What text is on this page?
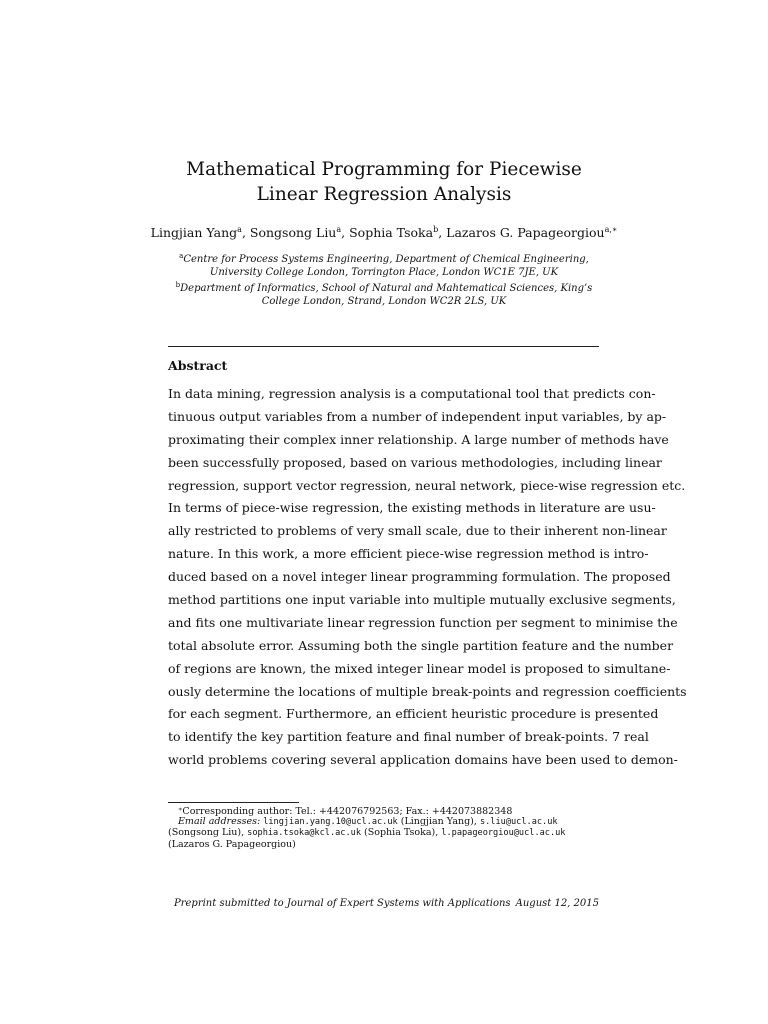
Mathematical Programming for Piecewise Linear Regression Analysis
Lingjian Yang$^a$, Songsong Liu$^a$, Sophia Tsoka$^b$, Lazaros G. Papageorgiou$^{a,∗}$

$^a$Centre for Process Systems Engineering, Department of Chemical Engineering, University College London, Torrington Place, London WC1E 7JE, UK

$^b$Department of Informatics, School of Natural and Mahtematical Sciences, King’s College London, Strand, London WC2R 2LS, UK

Abstract
In data mining, regression analysis is a computational tool that predicts con-
tinuous output variables from a number of independent input variables, by ap-
proximating their complex inner relationship. A large number of methods have
been successfully proposed, based on various methodologies, including linear
regression, support vector regression, neural network, piece-wise regression etc.
In terms of piece-wise regression, the existing methods in literature are usu-
ally restricted to problems of very small scale, due to their inherent non-linear
nature. In this work, a more efficient piece-wise regression method is intro-
duced based on a novel integer linear programming formulation. The proposed
method partitions one input variable into multiple mutually exclusive segments,
and fits one multivariate linear regression function per segment to minimise the
total absolute error. Assuming both the single partition feature and the number
of regions are known, the mixed integer linear model is proposed to simultane-
ously determine the locations of multiple break-points and regression coefficients
for each segment. Furthermore, an efficient heuristic procedure is presented
to identify the key partition feature and final number of break-points. 7 real
world problems covering several application domains have been used to demon-
∗Corresponding author: Tel.: +442076792563; Fax.: +442073882348
Email addresses: lingjian.yang.10@ucl.ac.uk (Lingjian Yang), s.liu@ucl.ac.uk
(Songsong Liu), sophia.tsoka@kcl.ac.uk (Sophia Tsoka), l.papageorgiou@ucl.ac.uk
(Lazaros G. Papageorgiou)
Preprint submitted to Journal of Expert Systems with Applications August 12, 2015
